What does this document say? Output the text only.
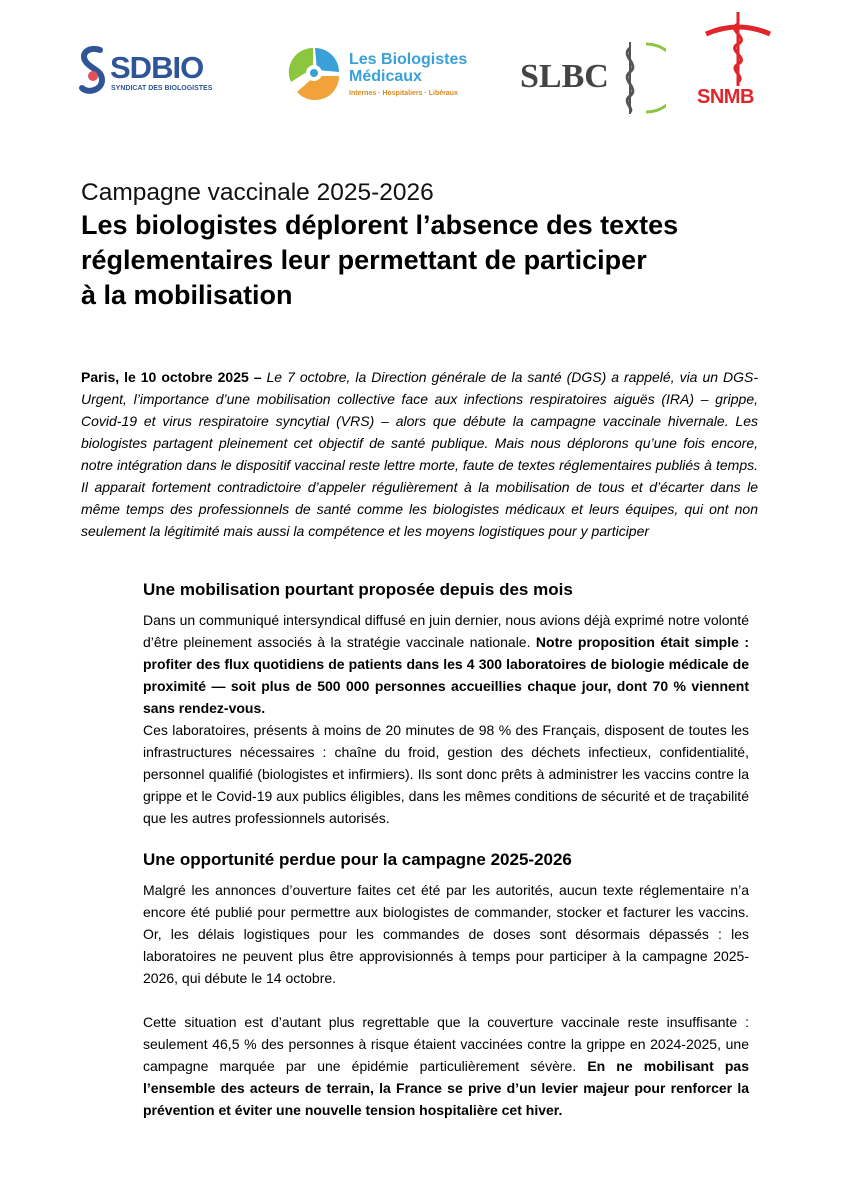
SDBIO
SYNDICAT DES BIOLOGISTES
Les Biologistes
Médicaux
Internes · Hospitaliers · Libéraux SLBC
SNMB
Campagne vaccinale 2025-2026
Les biologistes déplorent l’absence des textes
réglementaires leur permettant de participer
à la mobilisation
Paris, le 10 octobre 2025 – Le 7 octobre, la Direction générale de la santé (DGS) a rappelé, via un DGS-Urgent, l’importance d’une mobilisation collective face aux infections respiratoires aiguës (IRA) – grippe, Covid-19 et virus respiratoire syncytial (VRS) – alors que débute la campagne vaccinale hivernale. Les biologistes partagent pleinement cet objectif de santé publique. Mais nous déplorons qu’une fois encore, notre intégration dans le dispositif vaccinal reste lettre morte, faute de textes réglementaires publiés à temps. Il apparait fortement contradictoire d’appeler régulièrement à la mobilisation de tous et d’écarter dans le même temps des professionnels de santé comme les biologistes médicaux et leurs équipes, qui ont non seulement la légitimité mais aussi la compétence et les moyens logistiques pour y participer
Une mobilisation pourtant proposée depuis des mois

Dans un communiqué intersyndical diffusé en juin dernier, nous avions déjà exprimé notre volonté d’être pleinement associés à la stratégie vaccinale nationale. Notre proposition était simple : profiter des flux quotidiens de patients dans les 4 300 laboratoires de biologie médicale de proximité — soit plus de 500 000 personnes accueillies chaque jour, dont 70 % viennent sans rendez-vous.

Ces laboratoires, présents à moins de 20 minutes de 98 % des Français, disposent de toutes les infrastructures nécessaires : chaîne du froid, gestion des déchets infectieux, confidentialité, personnel qualifié (biologistes et infirmiers). Ils sont donc prêts à administrer les vaccins contre la grippe et le Covid-19 aux publics éligibles, dans les mêmes conditions de sécurité et de traçabilité que les autres professionnels autorisés.

Une opportunité perdue pour la campagne 2025-2026

Malgré les annonces d’ouverture faites cet été par les autorités, aucun texte réglementaire n’a encore été publié pour permettre aux biologistes de commander, stocker et facturer les vaccins. Or, les délais logistiques pour les commandes de doses sont désormais dépassés : les laboratoires ne peuvent plus être approvisionnés à temps pour participer à la campagne 2025-2026, qui débute le 14 octobre.

Cette situation est d’autant plus regrettable que la couverture vaccinale reste insuffisante : seulement 46,5 % des personnes à risque étaient vaccinées contre la grippe en 2024-2025, une campagne marquée par une épidémie particulièrement sévère. En ne mobilisant pas l’ensemble des acteurs de terrain, la France se prive d’un levier majeur pour renforcer la prévention et éviter une nouvelle tension hospitalière cet hiver.
